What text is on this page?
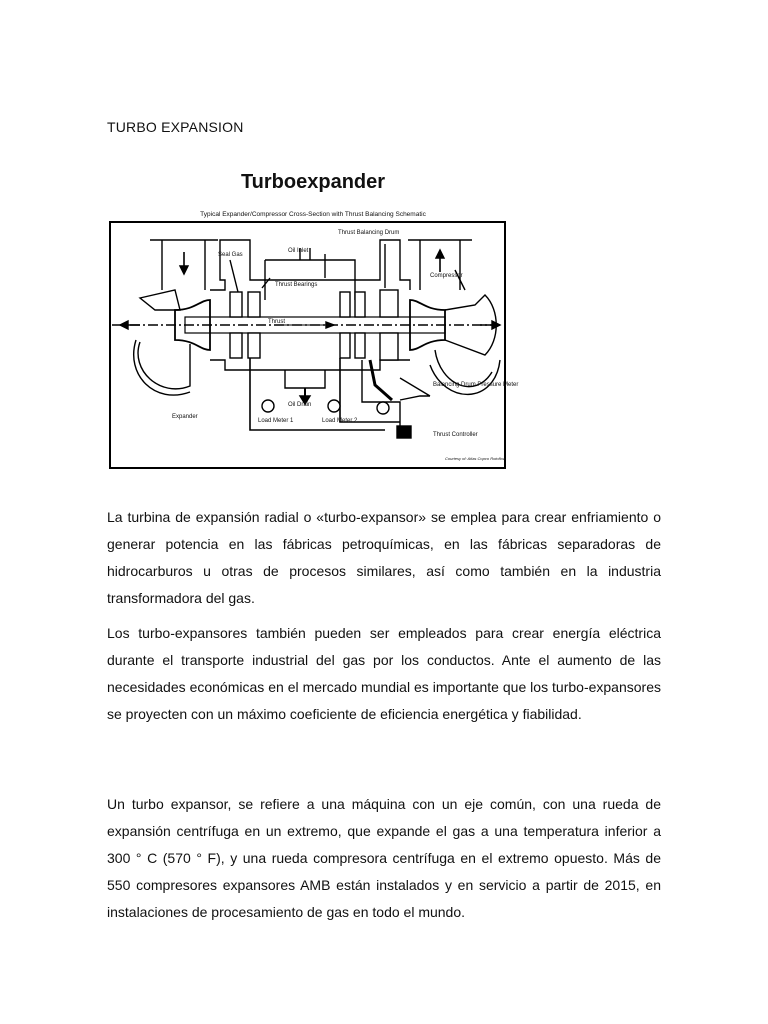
TURBO EXPANSION
Turboexpander
Typical Expander/Compressor Cross-Section with Thrust Balancing Schematic
Seal Gas
Oil Inlet
Thrust Balancing Drum
Compressor
Thrust Bearings
Thrust
Oil Drain
Expander
Load Meter 1	Load Meter 2
Balancing Drum Pressure Meter
Thrust Controller
Courtesy of: Atlas Copco Rotoflow

La turbina de expansión radial o «turbo-expansor» se emplea para crear enfriamiento o generar potencia en las fábricas petroquímicas, en las fábricas separadoras de hidrocarburos u otras de procesos similares, así como también en la industria transformadora del gas.

Los turbo-expansores también pueden ser empleados para crear energía eléctrica durante el transporte industrial del gas por los conductos. Ante el aumento de las necesidades económicas en el mercado mundial es importante que los turbo-expansores se proyecten con un máximo coeficiente de eficiencia energética y fiabilidad.

Un turbo expansor, se refiere a una máquina con un eje común, con una rueda de expansión centrífuga en un extremo, que expande el gas a una temperatura inferior a 300 ° C (570 ° F), y una rueda compresora centrífuga en el extremo opuesto. Más de 550 compresores expansores AMB están instalados y en servicio a partir de 2015, en instalaciones de procesamiento de gas en todo el mundo.
